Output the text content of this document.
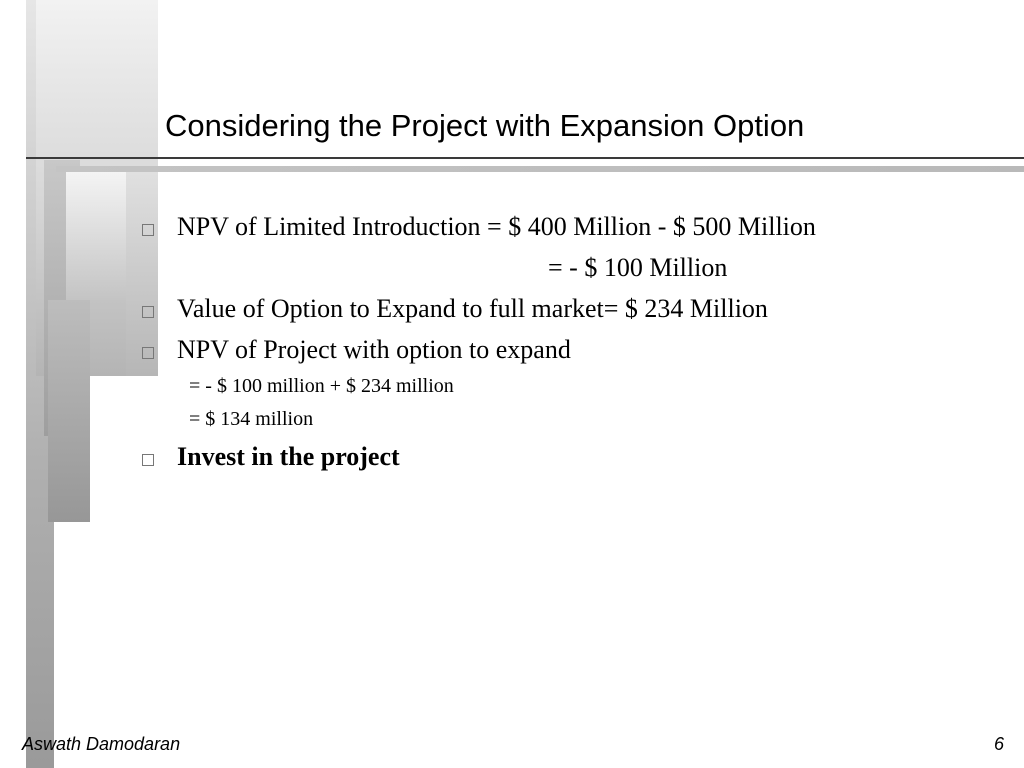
Considering the Project with Expansion Option
NPV of Limited Introduction = $ 400 Million - $ 500 Million
= - $ 100 Million
Value of Option to Expand to full market= $ 234 Million
NPV of Project with option to expand
= - $ 100 million + $ 234 million
= $ 134 million
Invest in the project
Aswath Damodaran	6
